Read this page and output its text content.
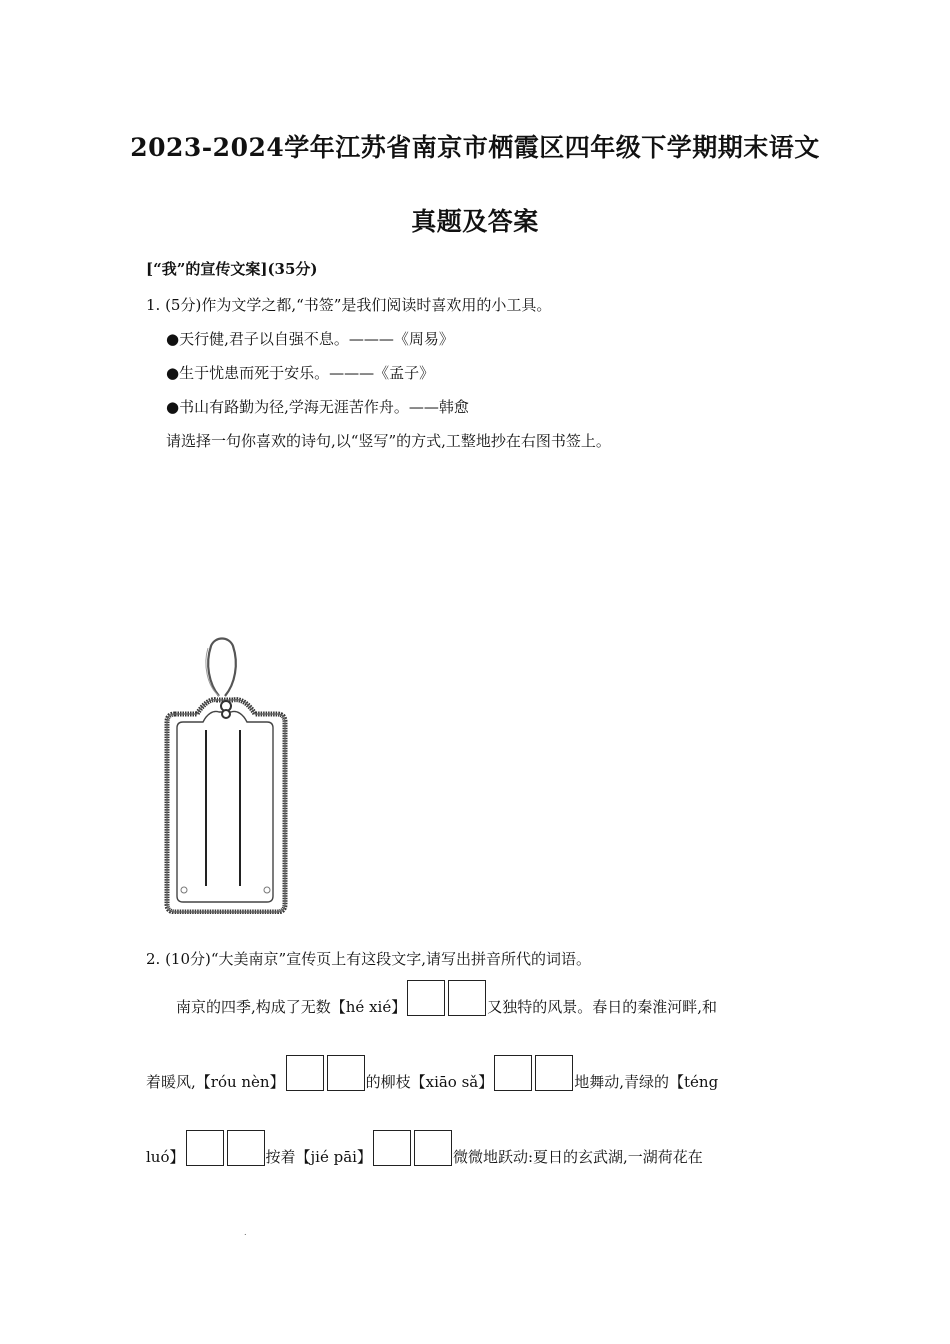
2023-2024学年江苏省南京市栖霞区四年级下学期期末语文
真题及答案
[“我”的宣传文案](35分)
1. (5分)作为文学之都,“书签”是我们阅读时喜欢用的小工具。
●天行健,君子以自强不息。———《周易》
●生于忧患而死于安乐。———《孟子》
●书山有路勤为径,学海无涯苦作舟。——韩愈
请选择一句你喜欢的诗句,以“竖写”的方式,工整地抄在右图书签上。
2. (10分)“大美南京”宣传页上有这段文字,请写出拼音所代的词语。
南京的四季,构成了无数【hé xié】	又独特的风景。春日的秦淮河畔,和
着暖风,【róu nèn】	的柳枝【xiāo sǎ】	地舞动,青绿的【téng
luó】	按着【jié pāi】	微微地跃动:夏日的玄武湖,一湖荷花在
.
